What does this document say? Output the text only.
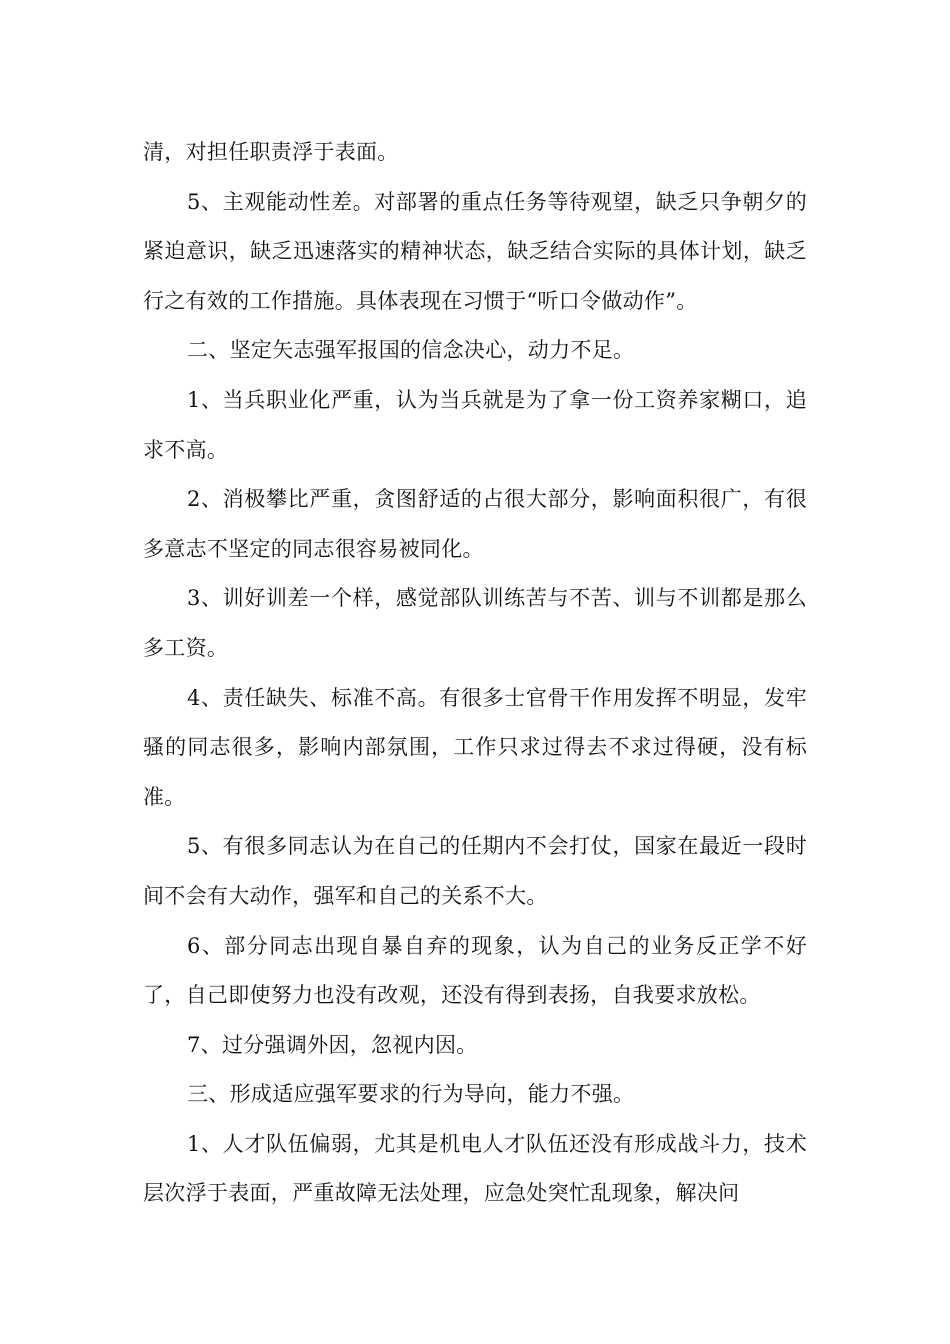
清，对担任职责浮于表面。

5、主观能动性差。对部署的重点任务等待观望，缺乏只争朝夕的紧迫意识，缺乏迅速落实的精神状态，缺乏结合实际的具体计划，缺乏行之有效的工作措施。具体表现在习惯于“听口令做动作”。

二、坚定矢志强军报国的信念决心，动力不足。

1、当兵职业化严重，认为当兵就是为了拿一份工资养家糊口，追求不高。

2、消极攀比严重，贪图舒适的占很大部分，影响面积很广，有很多意志不坚定的同志很容易被同化。

3、训好训差一个样，感觉部队训练苦与不苦、训与不训都是那么多工资。

4、责任缺失、标准不高。有很多士官骨干作用发挥不明显，发牢骚的同志很多，影响内部氛围，工作只求过得去不求过得硬，没有标准。

5、有很多同志认为在自己的任期内不会打仗，国家在最近一段时间不会有大动作，强军和自己的关系不大。

6、部分同志出现自暴自弃的现象，认为自己的业务反正学不好了，自己即使努力也没有改观，还没有得到表扬，自我要求放松。

7、过分强调外因，忽视内因。

三、形成适应强军要求的行为导向，能力不强。

1、人才队伍偏弱，尤其是机电人才队伍还没有形成战斗力，技术层次浮于表面，严重故障无法处理，应急处突忙乱现象，解决问
